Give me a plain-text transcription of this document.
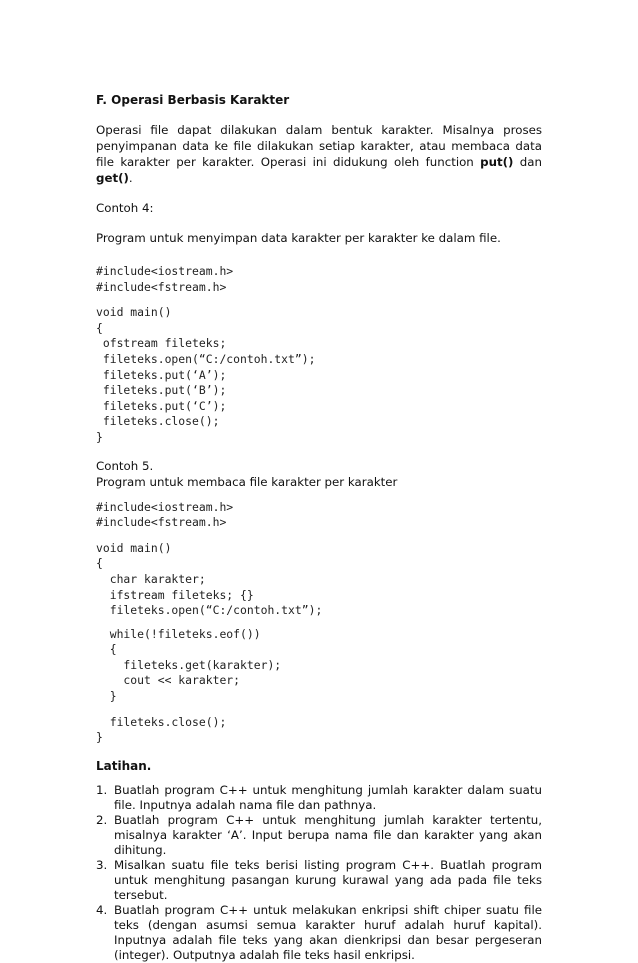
F. Operasi Berbasis Karakter

Operasi file dapat dilakukan dalam bentuk karakter. Misalnya proses penyimpanan data ke file dilakukan setiap karakter, atau membaca data file karakter per karakter. Operasi ini didukung oleh function put() dan get().

Contoh 4:

Program untuk menyimpan data karakter per karakter ke dalam file.

#include<iostream.h>
#include<fstream.h>
void main()
{
ofstream fileteks;
fileteks.open(“C:/contoh.txt”);
fileteks.put(‘A’);
fileteks.put(‘B’);
fileteks.put(‘C’);
fileteks.close();
}

Contoh 5.

Program untuk membaca file karakter per karakter

#include<iostream.h>
#include<fstream.h>
void main()
{
char karakter;
ifstream fileteks; {}
fileteks.open(“C:/contoh.txt”);
while(!fileteks.eof())
{
fileteks.get(karakter);
cout << karakter;
}
fileteks.close();
}

Latihan.

1. Buatlah program C++ untuk menghitung jumlah karakter dalam suatu file. Inputnya adalah nama file dan pathnya.
2. Buatlah program C++ untuk menghitung jumlah karakter tertentu, misalnya karakter ‘A’. Input berupa nama file dan karakter yang akan dihitung.
3. Misalkan suatu file teks berisi listing program C++. Buatlah program untuk menghitung pasangan kurung kurawal yang ada pada file teks tersebut.
4. Buatlah program C++ untuk melakukan enkripsi shift chiper suatu file teks (dengan asumsi semua karakter huruf adalah huruf kapital). Inputnya adalah file teks yang akan dienkripsi dan besar pergeseran (integer). Outputnya adalah file teks hasil enkripsi.
